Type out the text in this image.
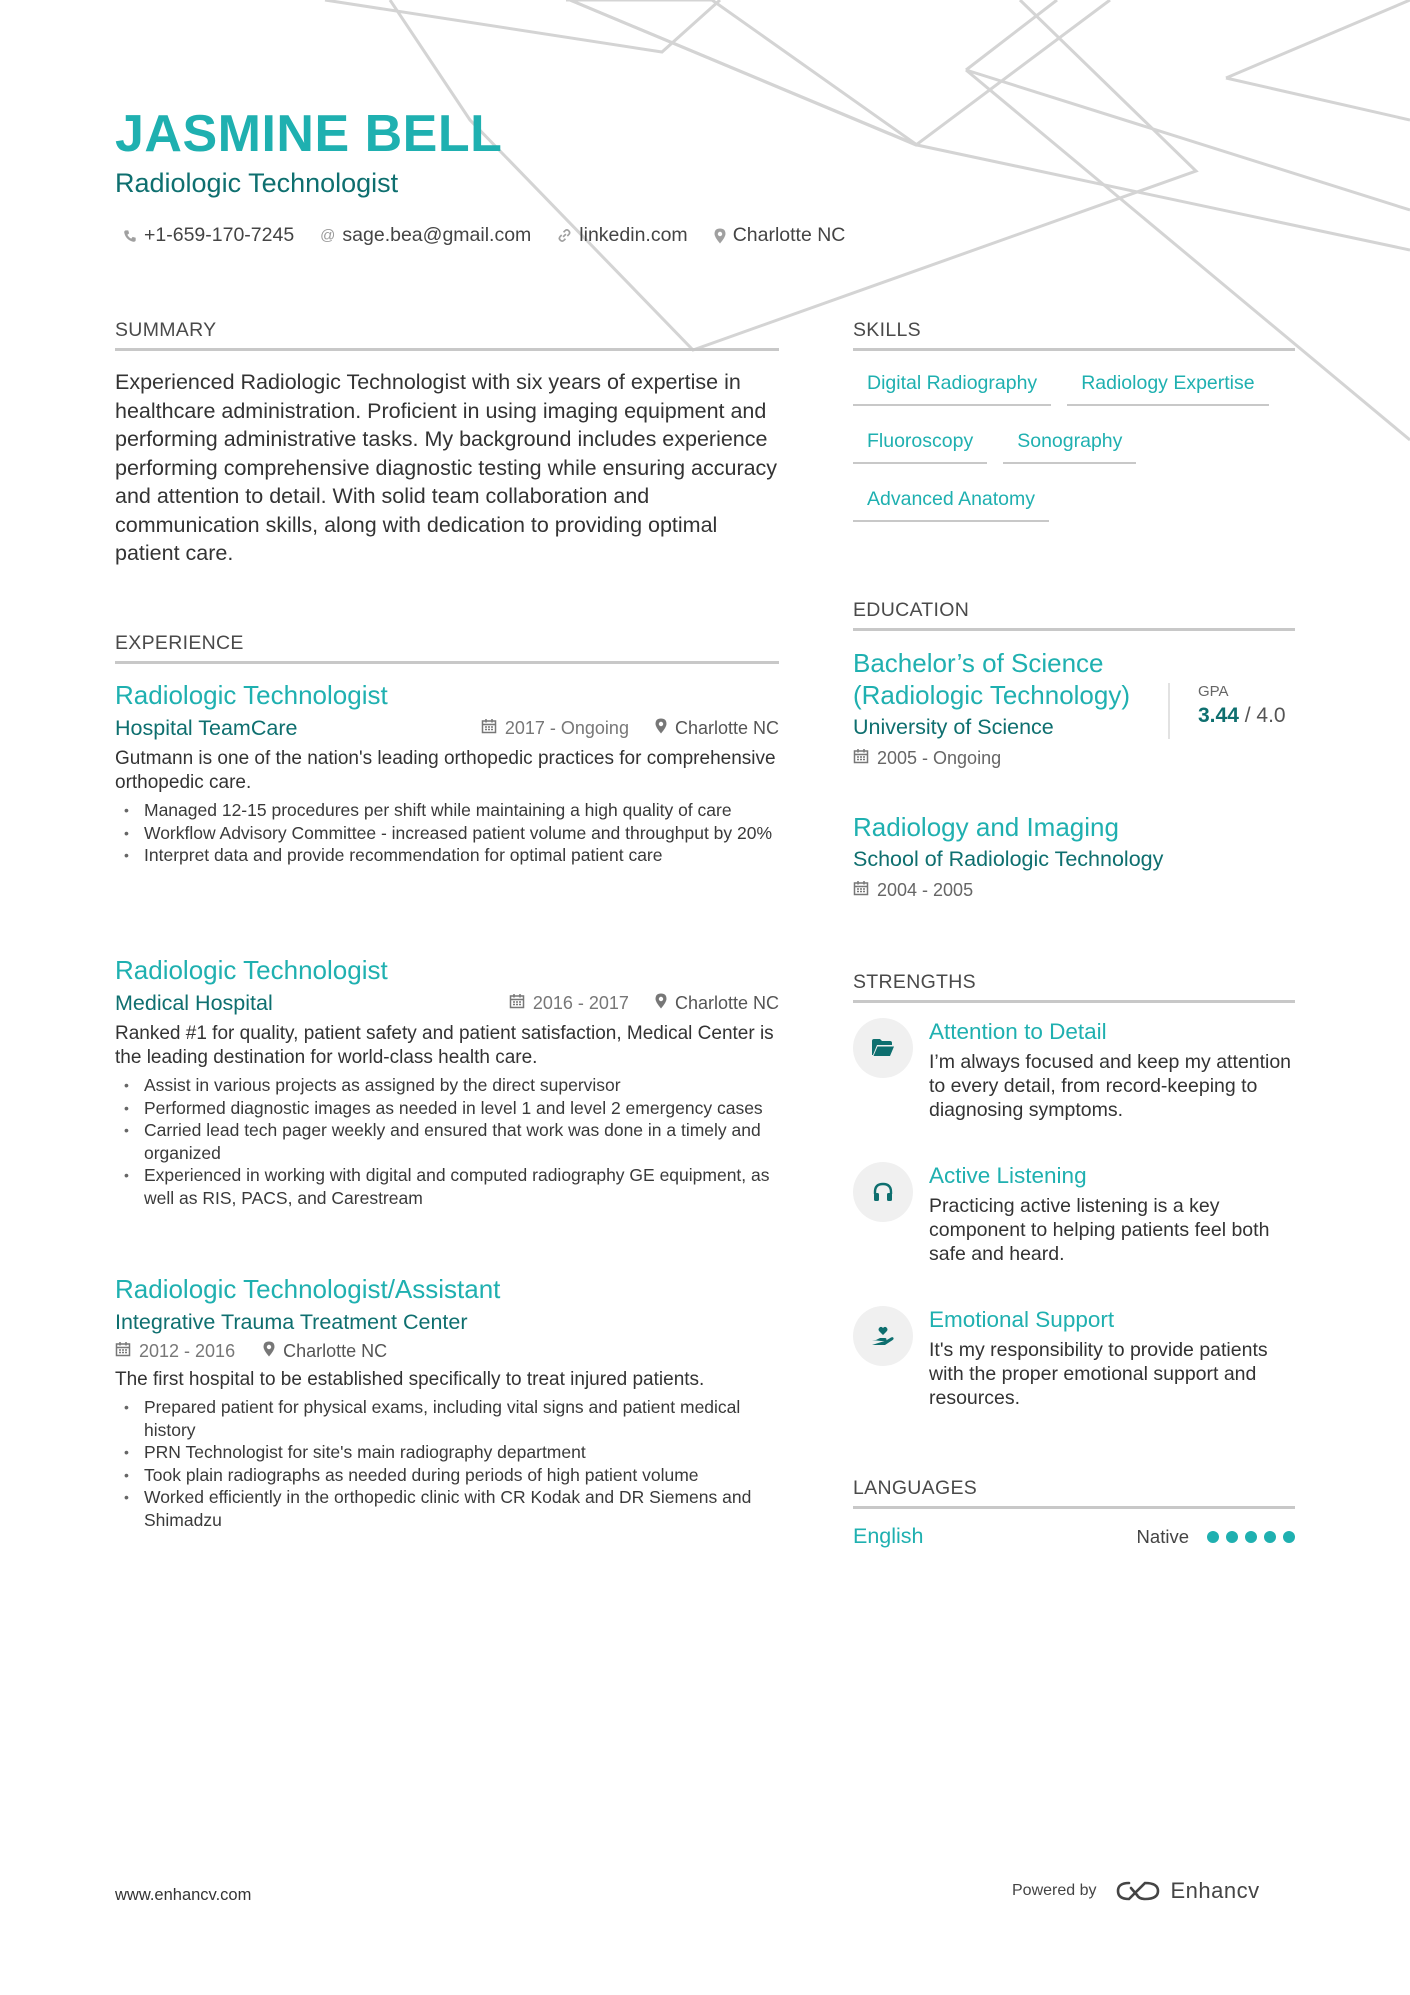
JASMINE BELL
Radiologic Technologist
+1-659-170-7245 @ sage.bea@gmail.com linkedin.com Charlotte NC
SUMMARY
Experienced Radiologic Technologist with six years of expertise in healthcare administration. Proficient in using imaging equipment and performing administrative tasks. My background includes experience performing comprehensive diagnostic testing while ensuring accuracy and attention to detail. With solid team collaboration and communication skills, along with dedication to providing optimal patient care.
EXPERIENCE
Radiologic Technologist
Hospital TeamCare	2017 - Ongoing	Charlotte NC
Gutmann is one of the nation's leading orthopedic practices for comprehensive orthopedic care.
• Managed 12-15 procedures per shift while maintaining a high quality of care
• Workflow Advisory Committee - increased patient volume and throughput by 20%
• Interpret data and provide recommendation for optimal patient care
Radiologic Technologist
Medical Hospital	2016 - 2017	Charlotte NC
Ranked #1 for quality, patient safety and patient satisfaction, Medical Center is the leading destination for world-class health care.
• Assist in various projects as assigned by the direct supervisor
• Performed diagnostic images as needed in level 1 and level 2 emergency cases
• Carried lead tech pager weekly and ensured that work was done in a timely and organized
• Experienced in working with digital and computed radiography GE equipment, as well as RIS, PACS, and Carestream
Radiologic Technologist/Assistant
Integrative Trauma Treatment Center
2012 - 2016	Charlotte NC
The first hospital to be established specifically to treat injured patients.
• Prepared patient for physical exams, including vital signs and patient medical history
• PRN Technologist for site's main radiography department
• Took plain radiographs as needed during periods of high patient volume
• Worked efficiently in the orthopedic clinic with CR Kodak and DR Siemens and Shimadzu
SKILLS
Digital Radiography	Radiology Expertise
Fluoroscopy	Sonography
Advanced Anatomy
EDUCATION
Bachelor’s of Science (Radiologic Technology)
University of Science
2005 - Ongoing
GPA
3.44 / 4.0
Radiology and Imaging
School of Radiologic Technology
2004 - 2005
STRENGTHS
Attention to Detail
I’m always focused and keep my attention to every detail, from record-keeping to diagnosing symptoms.
Active Listening
Practicing active listening is a key component to helping patients feel both safe and heard.
Emotional Support
It's my responsibility to provide patients with the proper emotional support and resources.
LANGUAGES
English	Native
www.enhancv.com	Powered by	Enhancv
